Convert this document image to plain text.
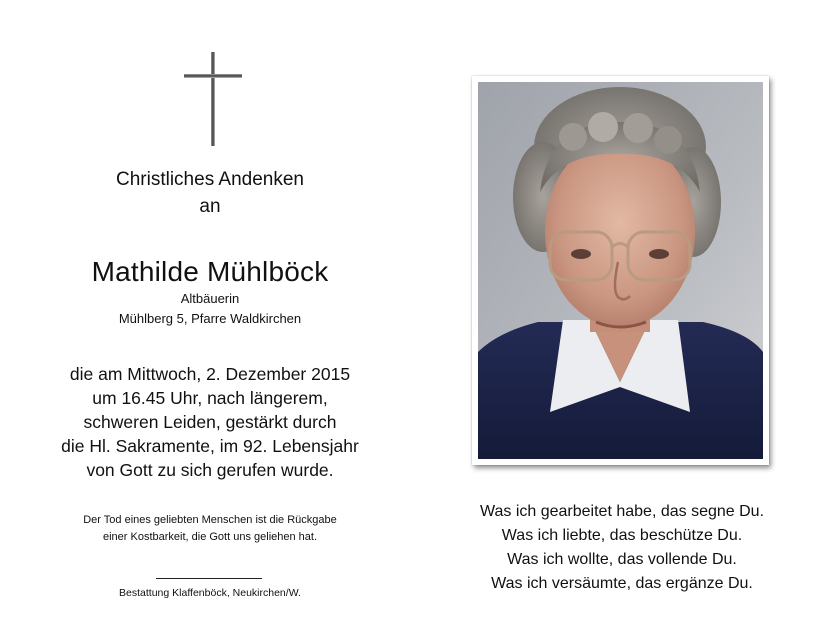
Christliches Andenken
an
Mathilde Mühlböck
Altbäuerin
Mühlberg 5, Pfarre Waldkirchen
die am Mittwoch, 2. Dezember 2015
um 16.45 Uhr, nach längerem,
schweren Leiden, gestärkt durch
die Hl. Sakramente, im 92. Lebensjahr
von Gott zu sich gerufen wurde.
Der Tod eines geliebten Menschen ist die Rückgabe
einer Kostbarkeit, die Gott uns geliehen hat.
Bestattung Klaffenböck, Neukirchen/W.
Was ich gearbeitet habe, das segne Du.
Was ich liebte, das beschütze Du.
Was ich wollte, das vollende Du.
Was ich versäumte, das ergänze Du.
